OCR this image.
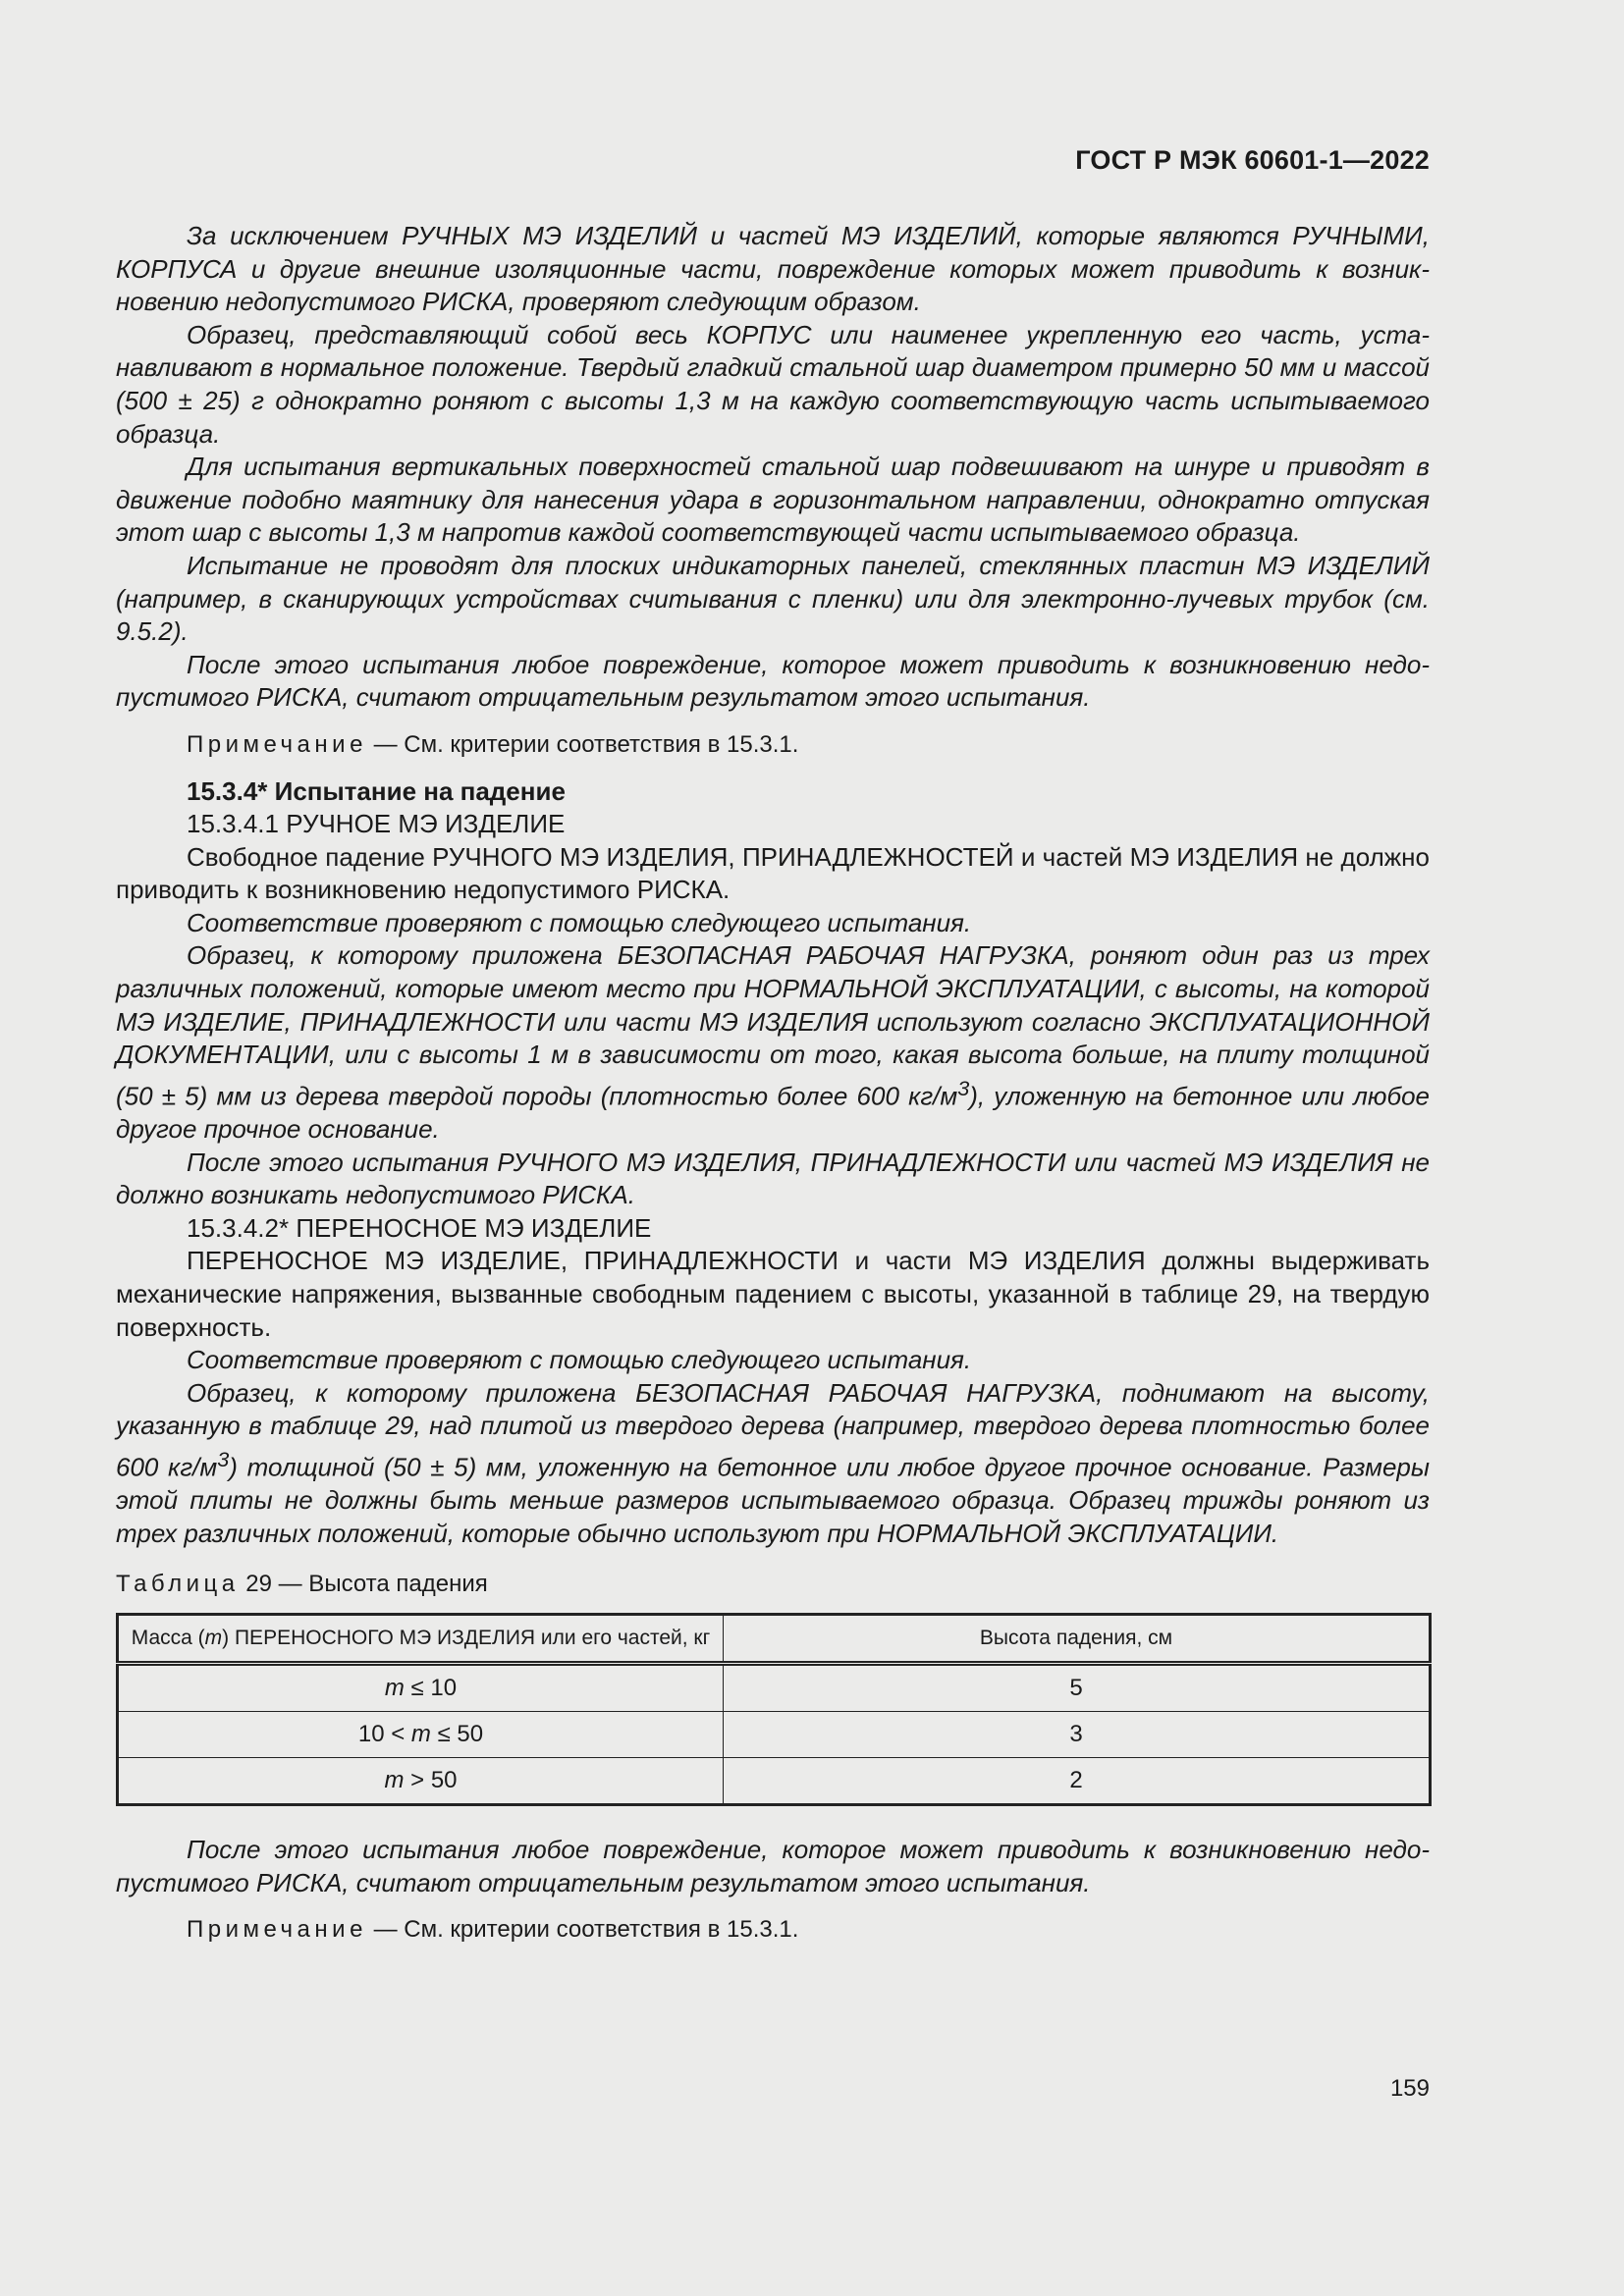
ГОСТ Р МЭК 60601-1—2022

За исключением РУЧНЫХ МЭ ИЗДЕЛИЙ и частей МЭ ИЗДЕЛИЙ, которые являются РУЧНЫМИ, КОРПУСА и другие внешние изоляционные части, повреждение которых может приводить к возникновению недопустимого РИСКА, проверяют следующим образом.

Образец, представляющий собой весь КОРПУС или наименее укрепленную его часть, устанавливают в нормальное положение. Твердый гладкий стальной шар диаметром примерно 50 мм и массой (500 ± 25) г однократно роняют с высоты 1,3 м на каждую соответствующую часть испытываемого образца.

Для испытания вертикальных поверхностей стальной шар подвешивают на шнуре и приводят в движение подобно маятнику для нанесения удара в горизонтальном направлении, однократно отпуская этот шар с высоты 1,3 м напротив каждой соответствующей части испытываемого образца.

Испытание не проводят для плоских индикаторных панелей, стеклянных пластин МЭ ИЗДЕЛИЙ (например, в сканирующих устройствах считывания с пленки) или для электронно-лучевых трубок (см. 9.5.2).

После этого испытания любое повреждение, которое может приводить к возникновению недопустимого РИСКА, считают отрицательным результатом этого испытания.

Примечание — См. критерии соответствия в 15.3.1.

15.3.4* Испытание на падение

15.3.4.1 РУЧНОЕ МЭ ИЗДЕЛИЕ

Свободное падение РУЧНОГО МЭ ИЗДЕЛИЯ, ПРИНАДЛЕЖНОСТЕЙ и частей МЭ ИЗДЕЛИЯ не должно приводить к возникновению недопустимого РИСКА.

Соответствие проверяют с помощью следующего испытания.

Образец, к которому приложена БЕЗОПАСНАЯ РАБОЧАЯ НАГРУЗКА, роняют один раз из трех различных положений, которые имеют место при НОРМАЛЬНОЙ ЭКСПЛУАТАЦИИ, с высоты, на которой МЭ ИЗДЕЛИЕ, ПРИНАДЛЕЖНОСТИ или части МЭ ИЗДЕЛИЯ используют согласно ЭКСПЛУАТАЦИОННОЙ ДОКУМЕНТАЦИИ, или с высоты 1 м в зависимости от того, какая высота больше, на плиту толщиной (50 ± 5) мм из дерева твердой породы (плотностью более 600 $кг/м^3$), уложенную на бетонное или любое другое прочное основание.

После этого испытания РУЧНОГО МЭ ИЗДЕЛИЯ, ПРИНАДЛЕЖНОСТИ или частей МЭ ИЗДЕЛИЯ не должно возникать недопустимого РИСКА.

15.3.4.2* ПЕРЕНОСНОЕ МЭ ИЗДЕЛИЕ

ПЕРЕНОСНОЕ МЭ ИЗДЕЛИЕ, ПРИНАДЛЕЖНОСТИ и части МЭ ИЗДЕЛИЯ должны выдерживать механические напряжения, вызванные свободным падением с высоты, указанной в таблице 29, на твердую поверхность.

Соответствие проверяют с помощью следующего испытания.

Образец, к которому приложена БЕЗОПАСНАЯ РАБОЧАЯ НАГРУЗКА, поднимают на высоту, указанную в таблице 29, над плитой из твердого дерева (например, твердого дерева плотностью более 600 $кг/м^3$) толщиной (50 ± 5) мм, уложенную на бетонное или любое другое прочное основание. Размеры этой плиты не должны быть меньше размеров испытываемого образца. Образец трижды роняют из трех различных положений, которые обычно используют при НОРМАЛЬНОЙ ЭКСПЛУАТАЦИИ.

Таблица 29 — Высота падения

Масса (m) ПЕРЕНОСНОГО МЭ ИЗДЕЛИЯ или его частей, кг	Высота падения, см
m ≤ 10	5
10 < m ≤ 50	3
m > 50	2

После этого испытания любое повреждение, которое может приводить к возникновению недопустимого РИСКА, считают отрицательным результатом этого испытания.

Примечание — См. критерии соответствия в 15.3.1.

159
